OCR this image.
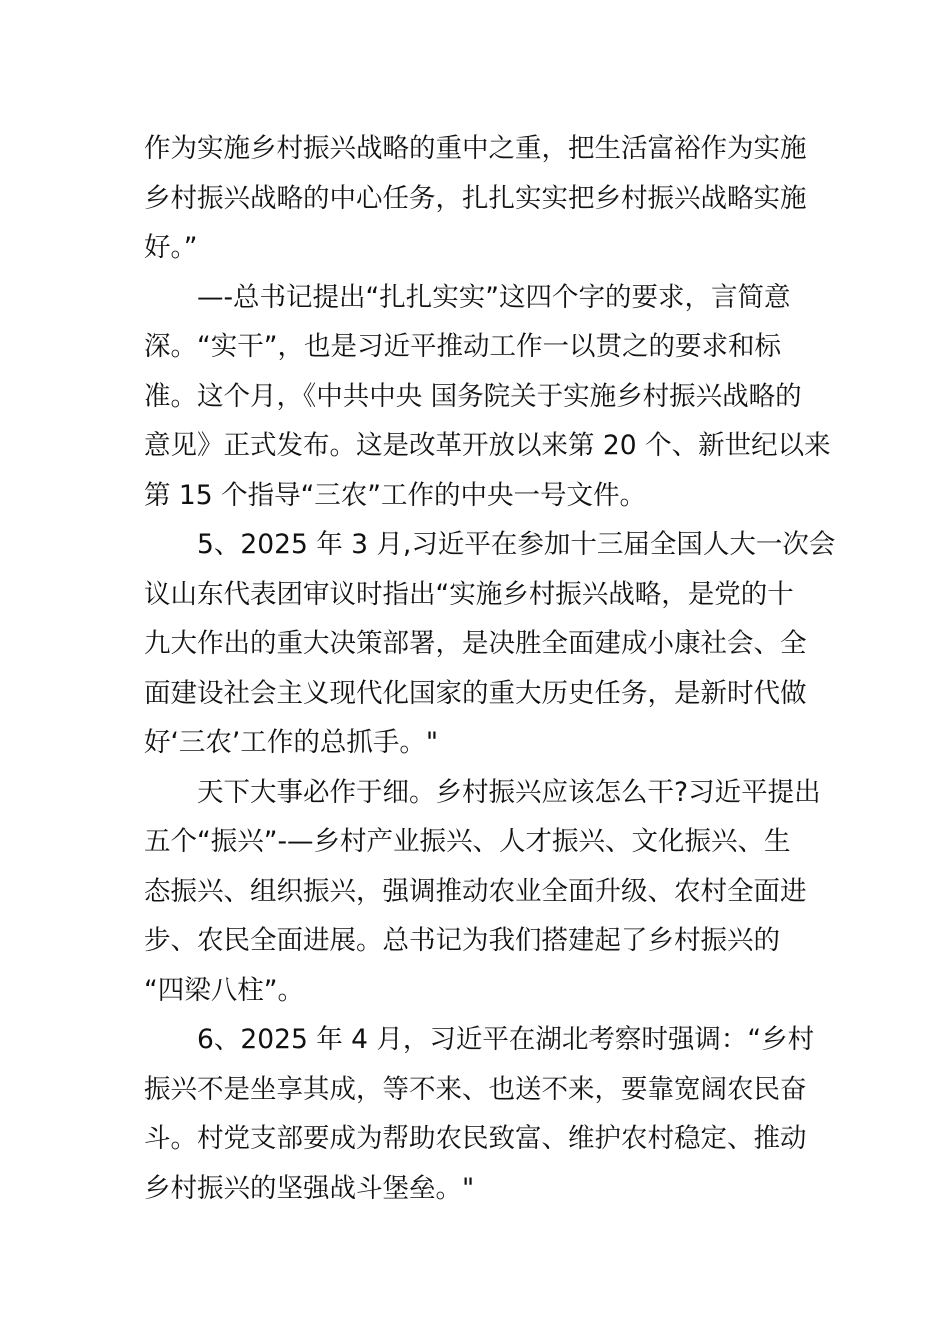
作为实施乡村振兴战略的重中之重，把生活富裕作为实施
乡村振兴战略的中心任务，扎扎实实把乡村振兴战略实施
好。”
—-总书记提出“扎扎实实”这四个字的要求，言简意
深。“实干”，也是习近平推动工作一以贯之的要求和标
准。这个月，《中共中央 国务院关于实施乡村振兴战略的
意见》正式发布。这是改革开放以来第 20 个、新世纪以来
第 15 个指导“三农”工作的中央一号文件。
5、2025 年 3 月,习近平在参加十三届全国人大一次会
议山东代表团审议时指出“实施乡村振兴战略，是党的十
九大作出的重大决策部署，是决胜全面建成小康社会、全
面建设社会主义现代化国家的重大历史任务，是新时代做
好‘三农’工作的总抓手。"
天下大事必作于细。乡村振兴应该怎么干?习近平提出
五个“振兴”-—乡村产业振兴、人才振兴、文化振兴、生
态振兴、组织振兴，强调推动农业全面升级、农村全面进
步、农民全面进展。总书记为我们搭建起了乡村振兴的
“四梁八柱”。
6、2025 年 4 月，习近平在湖北考察时强调：“乡村
振兴不是坐享其成，等不来、也送不来，要靠宽阔农民奋
斗。村党支部要成为帮助农民致富、维护农村稳定、推动
乡村振兴的坚强战斗堡垒。"
